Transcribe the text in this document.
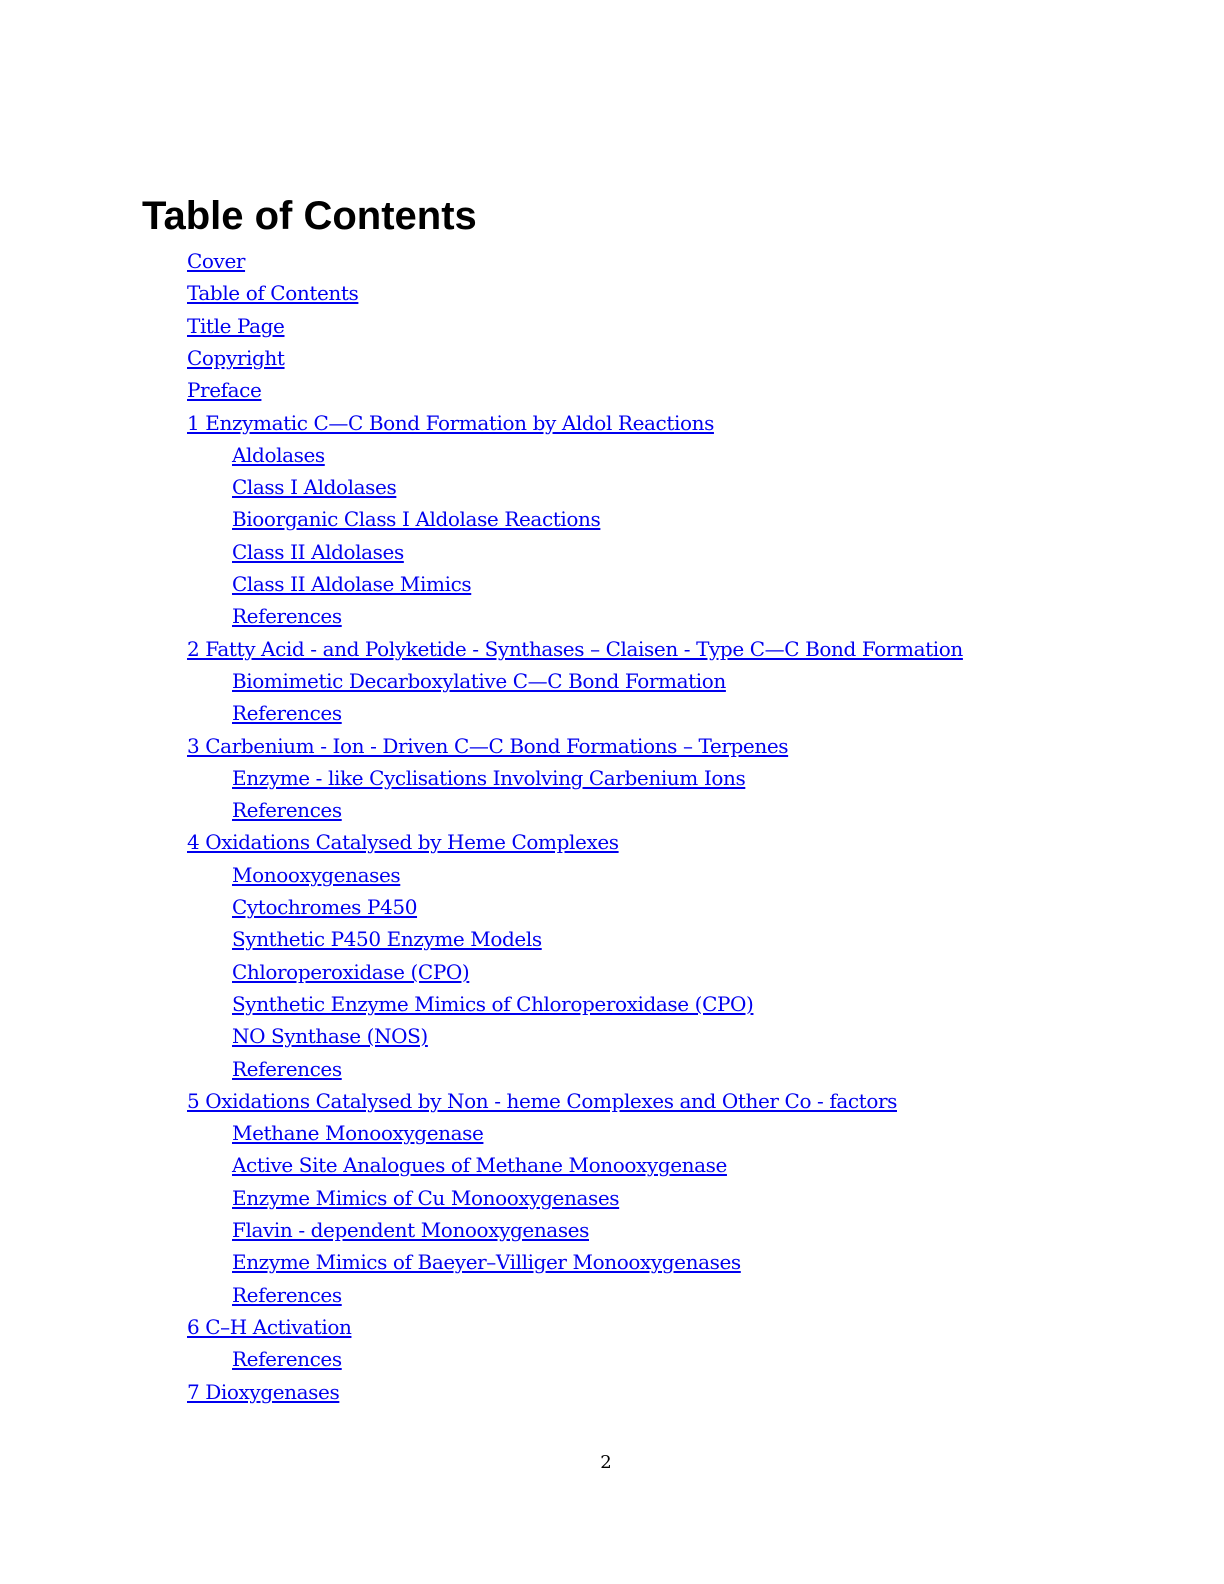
Table of Contents
Cover
Table of Contents
Title Page
Copyright
Preface
1 Enzymatic C—C Bond Formation by Aldol Reactions
Aldolases
Class I Aldolases
Bioorganic Class I Aldolase Reactions
Class II Aldolases
Class II Aldolase Mimics
References
2 Fatty Acid ‐ and Polyketide ‐ Synthases – Claisen ‐ Type C—C Bond Formation
Biomimetic Decarboxylative C—C Bond Formation
References
3 Carbenium ‐ Ion ‐ Driven C—C Bond Formations – Terpenes
Enzyme ‐ like Cyclisations Involving Carbenium Ions
References
4 Oxidations Catalysed by Heme Complexes
Monooxygenases
Cytochromes P450
Synthetic P450 Enzyme Models
Chloroperoxidase (CPO)
Synthetic Enzyme Mimics of Chloroperoxidase (CPO)
NO Synthase (NOS)
References
5 Oxidations Catalysed by Non ‐ heme Complexes and Other Co ‐ factors
Methane Monooxygenase
Active Site Analogues of Methane Monooxygenase
Enzyme Mimics of Cu Monooxygenases
Flavin ‐ dependent Monooxygenases
Enzyme Mimics of Baeyer–Villiger Monooxygenases
References
6 C–H Activation
References
7 Dioxygenases
2
